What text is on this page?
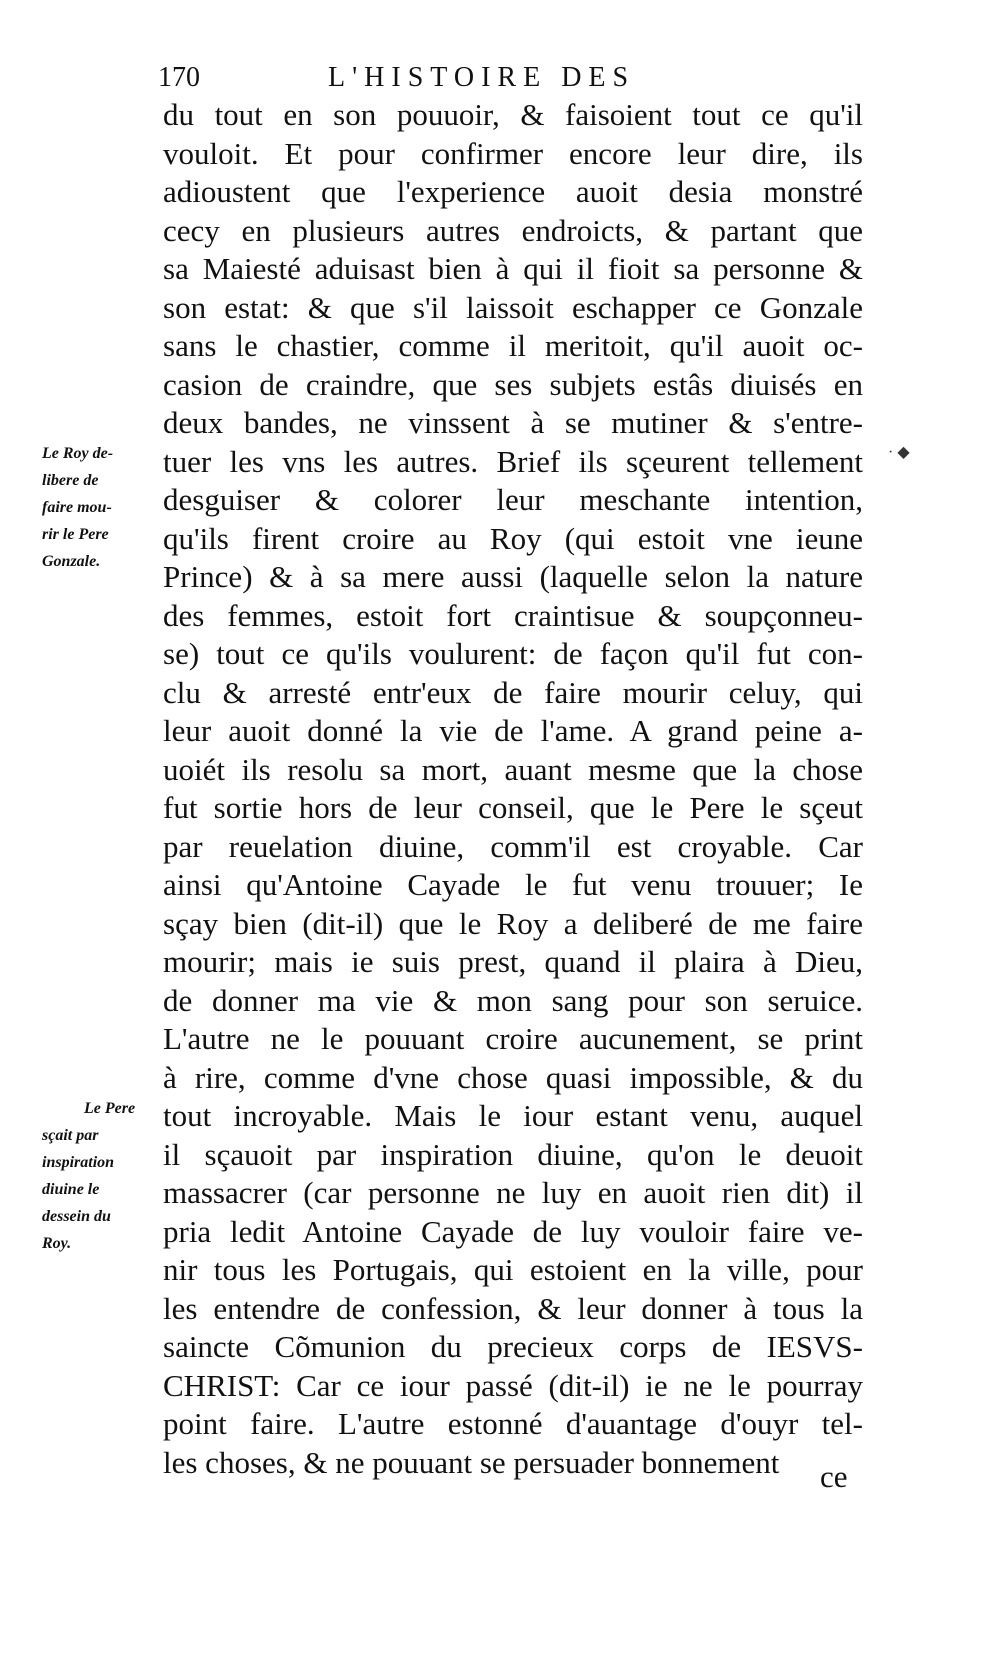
170	L'HISTOIRE DES
Le Roy de-
libere de
faire mou-
rir le Pere
Gonzale.
· ◆
Le Pere
sçait par
inspiration
diuine le
dessein du
Roy.
du tout en son pouuoir, & faisoient tout ce qu'il
vouloit. Et pour confirmer encore leur dire, ils
adioustent que l'experience auoit desia monstré
cecy en plusieurs autres endroicts, & partant que
sa Maiesté aduisast bien à qui il fioit sa personne &
son estat: & que s'il laissoit eschapper ce Gonzale
sans le chastier, comme il meritoit, qu'il auoit oc-
casion de craindre, que ses subjets estâs diuisés en
deux bandes, ne vinssent à se mutiner & s'entre-
tuer les vns les autres. Brief ils sçeurent tellement
desguiser & colorer leur meschante intention,
qu'ils firent croire au Roy (qui estoit vne ieune
Prince) & à sa mere aussi (laquelle selon la nature
des femmes, estoit fort craintisue & soupçonneu-
se) tout ce qu'ils voulurent: de façon qu'il fut con-
clu & arresté entr'eux de faire mourir celuy, qui
leur auoit donné la vie de l'ame. A grand peine a-
uoiét ils resolu sa mort, auant mesme que la chose
fut sortie hors de leur conseil, que le Pere le sçeut
par reuelation diuine, comm'il est croyable. Car
ainsi qu'Antoine Cayade le fut venu trouuer; Ie
sçay bien (dit-il) que le Roy a deliberé de me faire
mourir; mais ie suis prest, quand il plaira à Dieu,
de donner ma vie & mon sang pour son seruice.
L'autre ne le pouuant croire aucunement, se print
à rire, comme d'vne chose quasi impossible, & du
tout incroyable. Mais le iour estant venu, auquel
il sçauoit par inspiration diuine, qu'on le deuoit
massacrer (car personne ne luy en auoit rien dit) il
pria ledit Antoine Cayade de luy vouloir faire ve-
nir tous les Portugais, qui estoient en la ville, pour
les entendre de confession, & leur donner à tous la
saincte Cõmunion du precieux corps de IESVS-
CHRIST: Car ce iour passé (dit-il) ie ne le pourray
point faire. L'autre estonné d'auantage d'ouyr tel-
les choses, & ne pouuant se persuader bonnement	ce
